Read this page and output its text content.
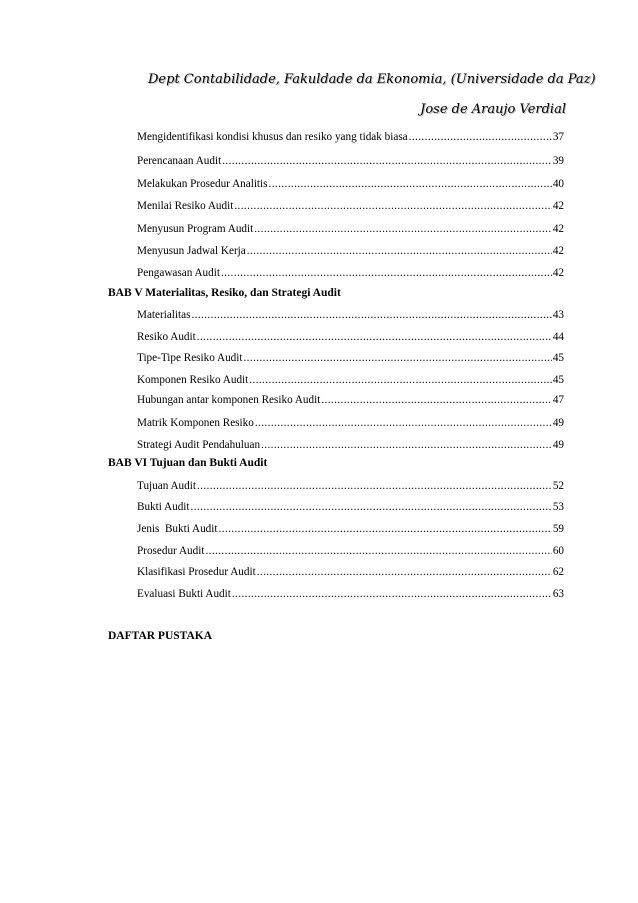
Dept Contabilidade, Fakuldade da Ekonomia, (Universidade da Paz)
Jose de Araujo Verdial
Mengidentifikasi kondisi khusus dan resiko yang tidak biasa .....	37
Perencanaan Audit .....	39
Melakukan Prosedur Analitis .....	40
Menilai Resiko Audit .....	42
Menyusun Program Audit .....	42
Menyusun Jadwal Kerja .....	42
Pengawasan Audit .....	42
BAB V Materialitas, Resiko, dan Strategi Audit
Materialitas .....	43
Resiko Audit .....	44
Tipe-Tipe Resiko Audit .....	45
Komponen Resiko Audit .....	45
Hubungan antar komponen Resiko Audit .....	47
Matrik Komponen Resiko .....	49
Strategi Audit Pendahuluan .....	49
BAB VI Tujuan dan Bukti Audit
Tujuan Audit .....	52
Bukti Audit .....	53
Jenis  Bukti Audit .....	59
Prosedur Audit .....	60
Klasifikasi Prosedur Audit .....	62
Evaluasi Bukti Audit .....	63
DAFTAR PUSTAKA
